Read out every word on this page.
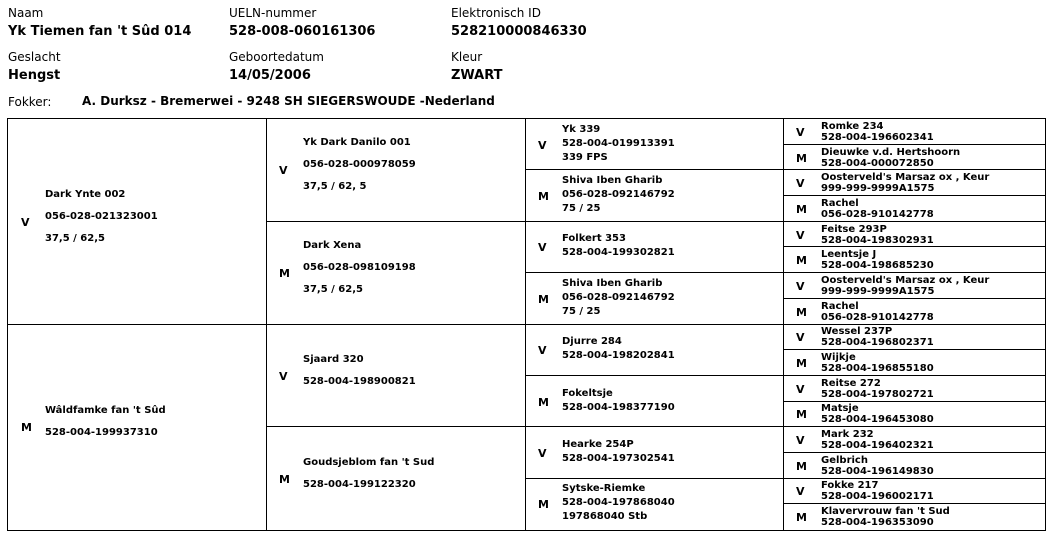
Naam
Yk Tiemen fan 't Sûd 014
UELN-nummer
528-008-060161306
Elektronisch ID
528210000846330
Geslacht
Hengst
Geboortedatum
14/05/2006
Kleur
ZWART
Fokker:	A. Durksz - Bremerwei - 9248 SH SIEGERSWOUDE -Nederland
V
Dark Ynte 002
056-028-021323001
37,5 / 62,5
M
Wâldfamke fan 't Sûd
528-004-199937310
V
Yk Dark Danilo 001
056-028-000978059
37,5 / 62, 5
M
Dark Xena
056-028-098109198
37,5 / 62,5
V
Sjaard 320
528-004-198900821
M
Goudsjeblom fan 't Sud
528-004-199122320
V
Yk 339
528-004-019913391
339 FPS
M
Shiva Iben Gharib
056-028-092146792
75 / 25
V
Folkert 353
528-004-199302821
M
Shiva Iben Gharib
056-028-092146792
75 / 25
V
Djurre 284
528-004-198202841
M
Fokeltsje
528-004-198377190
V
Hearke 254P
528-004-197302541
M
Sytske-Riemke
528-004-197868040
197868040 Stb
V Romke 234
528-004-196602341
M Dieuwke v.d. Hertshoorn
528-004-000072850
V Oosterveld's Marsaz ox , Keur
999-999-9999A1575
M Rachel
056-028-910142778
V Feitse 293P
528-004-198302931
M Leentsje J
528-004-198685230
V Oosterveld's Marsaz ox , Keur
999-999-9999A1575
M Rachel
056-028-910142778
V Wessel 237P
528-004-196802371
M Wijkje
528-004-196855180
V Reitse 272
528-004-197802721
M Matsje
528-004-196453080
V Mark 232
528-004-196402321
M Gelbrich
528-004-196149830
V Fokke 217
528-004-196002171
M Klavervrouw fan 't Sud
528-004-196353090
